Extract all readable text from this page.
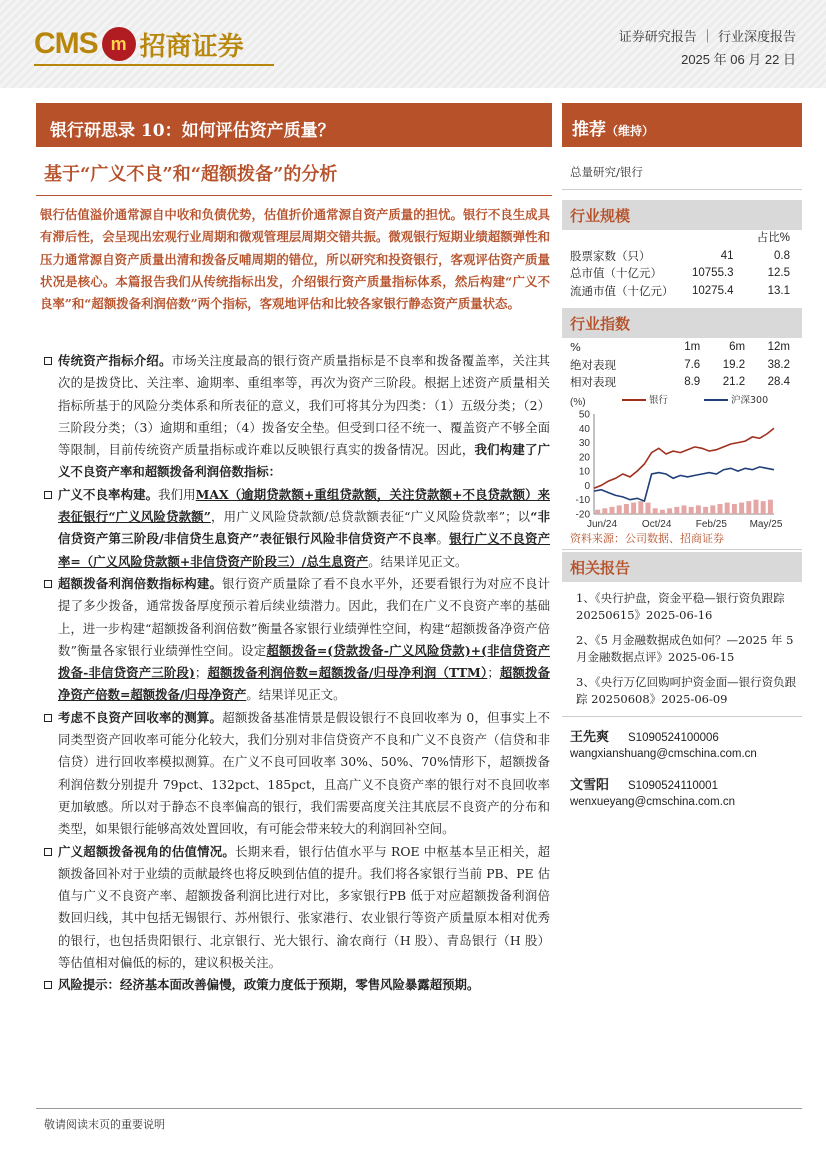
CMS m 招商证券	证券研究报告 ｜ 行业深度报告
2025 年 06 月 22 日
银行研思录 10：如何评估资产质量？
基于“广义不良”和“超额拨备”的分析
银行估值溢价通常源自中收和负债优势，估值折价通常源自资产质量的担忧。银行不良生成具有滞后性，会呈现出宏观行业周期和微观管理层周期交错共振。微观银行短期业绩超额弹性和压力通常源自资产质量出清和拨备反哺周期的错位，所以研究和投资银行，客观评估资产质量状况是核心。本篇报告我们从传统指标出发，介绍银行资产质量指标体系，然后构建“广义不良率”和“超额拨备利润倍数”两个指标，客观地评估和比较各家银行静态资产质量状态。
传统资产指标介绍。市场关注度最高的银行资产质量指标是不良率和拨备覆盖率，关注其次的是拨贷比、关注率、逾期率、重组率等，再次为资产三阶段。根据上述资产质量相关指标所基于的风险分类体系和所表征的意义，我们可将其分为四类：（1）五级分类；（2）三阶段分类；（3）逾期和重组；（4）拨备安全垫。但受到口径不统一、覆盖资产不够全面等限制，目前传统资产质量指标或许难以反映银行真实的拨备情况。因此，我们构建了广义不良资产率和超额拨备利润倍数指标：
广义不良率构建。我们用MAX（逾期贷款额+重组贷款额，关注贷款额+不良贷款额）来表征银行“广义风险贷款额”，用广义风险贷款额/总贷款额表征“广义风险贷款率”；以“非信贷资产第三阶段/非信贷生息资产”表征银行风险非信贷资产不良率。银行广义不良资产率=（广义风险贷款额+非信贷资产阶段三）/总生息资产。结果详见正文。
超额拨备利润倍数指标构建。银行资产质量除了看不良水平外，还要看银行为对应不良计提了多少拨备，通常拨备厚度预示着后续业绩潜力。因此，我们在广义不良资产率的基础上，进一步构建“超额拨备利润倍数”衡量各家银行业绩弹性空间，构建“超额拨备净资产倍数”衡量各家银行业绩弹性空间。设定超额拨备=(贷款拨备-广义风险贷款)+(非信贷资产拨备-非信贷资产三阶段)；超额拨备利润倍数=超额拨备/归母净利润（TTM）；超额拨备净资产倍数=超额拨备/归母净资产。结果详见正文。
考虑不良资产回收率的测算。超额拨备基准情景是假设银行不良回收率为 0，但事实上不同类型资产回收率可能分化较大，我们分别对非信贷资产不良和广义不良资产（信贷和非信贷）进行回收率模拟测算。在广义不良可回收率 30%、50%、70%情形下，超额拨备利润倍数分别提升 79pct、132pct、185pct，且高广义不良资产率的银行对不良回收率更加敏感。所以对于静态不良率偏高的银行，我们需要高度关注其底层不良资产的分布和类型，如果银行能够高效处置回收，有可能会带来较大的利润回补空间。
广义超额拨备视角的估值情况。长期来看，银行估值水平与 ROE 中枢基本呈正相关，超额拨备回补对于业绩的贡献最终也将反映到估值的提升。我们将各家银行当前 PB、PE 估值与广义不良资产率、超额拨备利润比进行对比，多家银行PB 低于对应超额拨备利润倍数回归线，其中包括无锡银行、苏州银行、张家港行、农业银行等资产质量原本相对优秀的银行，也包括贵阳银行、北京银行、光大银行、渝农商行（H 股）、青岛银行（H 股）等估值相对偏低的标的，建议积极关注。
风险提示：经济基本面改善偏慢，政策力度低于预期，零售风险暴露超预期。
推荐（维持）
总量研究/银行
行业规模
占比%
股票家数（只）	41	0.8
总市值（十亿元）	10755.3	12.5
流通市值（十亿元）	10275.4	13.1
行业指数
%	1m	6m	12m
绝对表现	7.6	19.2	38.2
相对表现	8.9	21.2	28.4
(%)	银行	沪深300
-20
-10
0
10
20
30
40
50
Jun/24 Oct/24 Feb/25 May/25
资料来源：公司数据、招商证券
相关报告
1、《央行护盘，资金平稳—银行资负跟踪 20250615》2025-06-16
2、《5 月金融数据成色如何？—2025 年 5 月金融数据点评》2025-06-15
3、《央行万亿回购呵护资金面—银行资负跟踪 20250608》2025-06-09
王先爽 S1090524100006
wangxianshuang@cmschina.com.cn
文雪阳 S1090524110001
wenxueyang@cmschina.com.cn
敬请阅读末页的重要说明
